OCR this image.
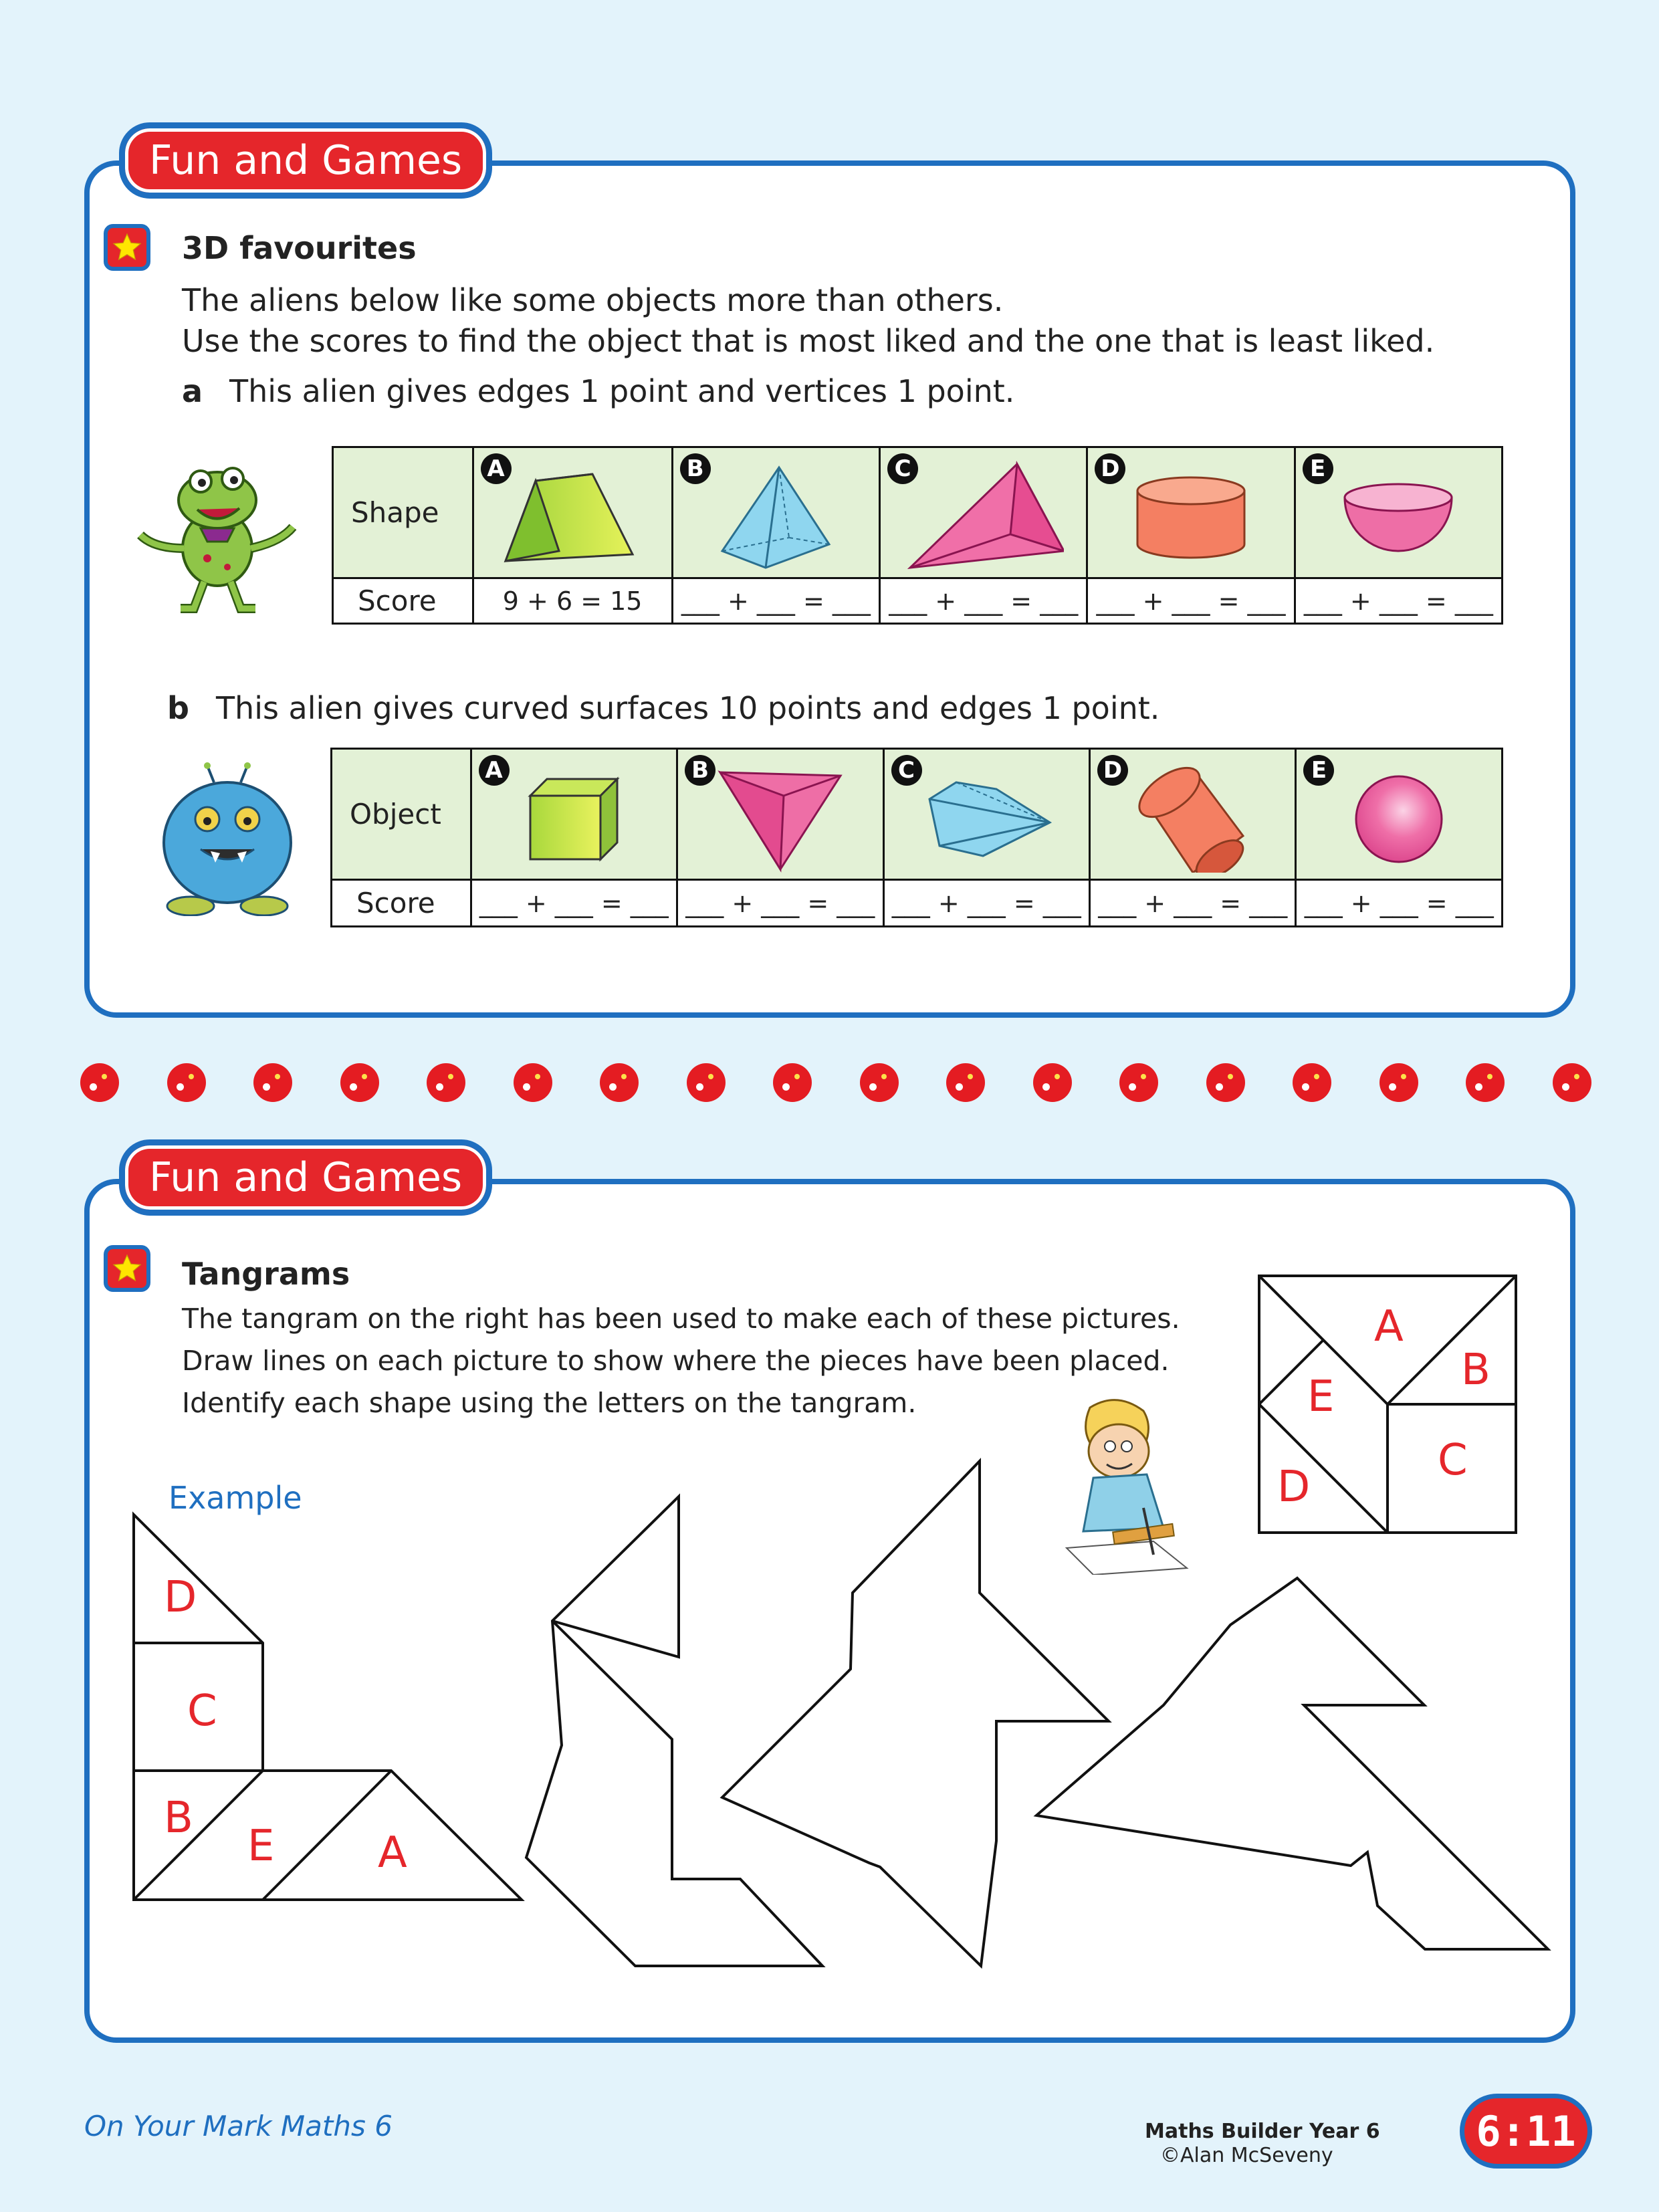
Fun and Games
3D favourites
The aliens below like some objects more than others.
Use the scores to find the object that is most liked and the one that is least liked.
a This alien gives edges 1 point and vertices 1 point.
Shape	A	B	C	D	E

Score	9 + 6 = 15	___ + ___ = ___	___ + ___ = ___	___ + ___ = ___	___ + ___ = ___
b This alien gives curved surfaces 10 points and edges 1 point.
Object	A	B	C	D	E

Score	___ + ___ = ___	___ + ___ = ___	___ + ___ = ___	___ + ___ = ___	___ + ___ = ___
Fun and Games
Tangrams
The tangram on the right has been used to make each of these pictures.
Draw lines on each picture to show where the pieces have been placed.
Identify each shape using the letters on the tangram.
Example
A
B
C
D
E
D
C
B
E A
On Your Mark Maths 6	Maths Builder Year 6
©Alan McSeveny	6:11
